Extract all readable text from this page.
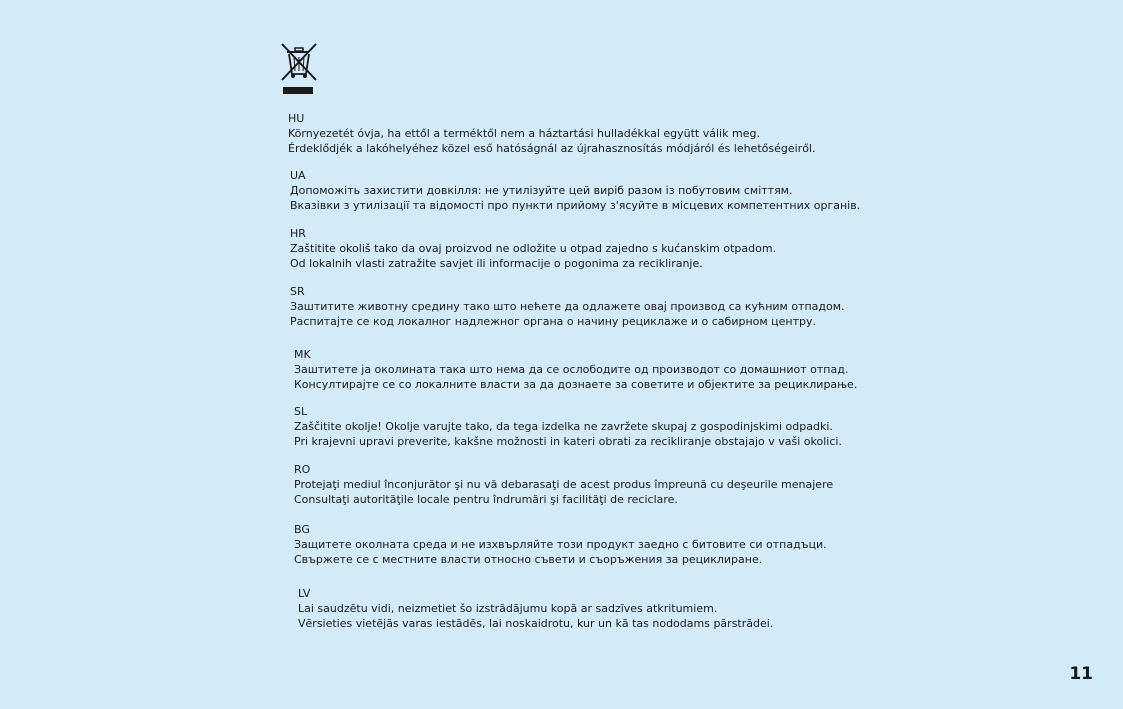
HU
Környezetét óvja, ha ettől a terméktől nem a háztartási hulladékkal együtt válik meg.
Érdeklődjék a lakóhelyéhez közel eső hatóságnál az újrahasznosítás módjáról és lehetőségeiről.
UA
Допоможіть захистити довкілля: не утилізуйте цей виріб разом із побутовим сміттям.
Вказівки з утилізації та відомості про пункти прийому з'ясуйте в місцевих компетентних органів.
HR
Zaštitite okoliš tako da ovaj proizvod ne odložite u otpad zajedno s kućanskim otpadom.
Od lokalnih vlasti zatražite savjet ili informacije o pogonima za recikliranje.
SR
Заштитите животну средину тако што нећете да одлажете овај производ са кућним отпадом.
Распитајте се код локалног надлежног органа о начину рециклаже и о сабирном центру.
MK
Заштитете ја околината така што нема да се ослободите од производот со домашниот отпад.
Консултирајте се со локалните власти за да дознаете за советите и објектите за рециклирање.
SL
Zaščitite okolje! Okolje varujte tako, da tega izdelka ne zavržete skupaj z gospodinjskimi odpadki.
Pri krajevni upravi preverite, kakšne možnosti in kateri obrati za recikliranje obstajajo v vaši okolici.
RO
Protejaţi mediul înconjurător şi nu vă debarasaţi de acest produs împreună cu deşeurile menajere
Consultaţi autorităţile locale pentru îndrumări şi facilităţi de reciclare.
BG
Защитете околната среда и не изхвърляйте този продукт заедно с битовите си отпадъци.
Свържете се с местните власти относно съвети и съоръжения за рециклиране.
LV
Lai saudzētu vidi, neizmetiet šo izstrādājumu kopā ar sadzīves atkritumiem.
Vērsieties vietējās varas iestādēs, lai noskaidrotu, kur un kā tas nododams pārstrādei.
11
